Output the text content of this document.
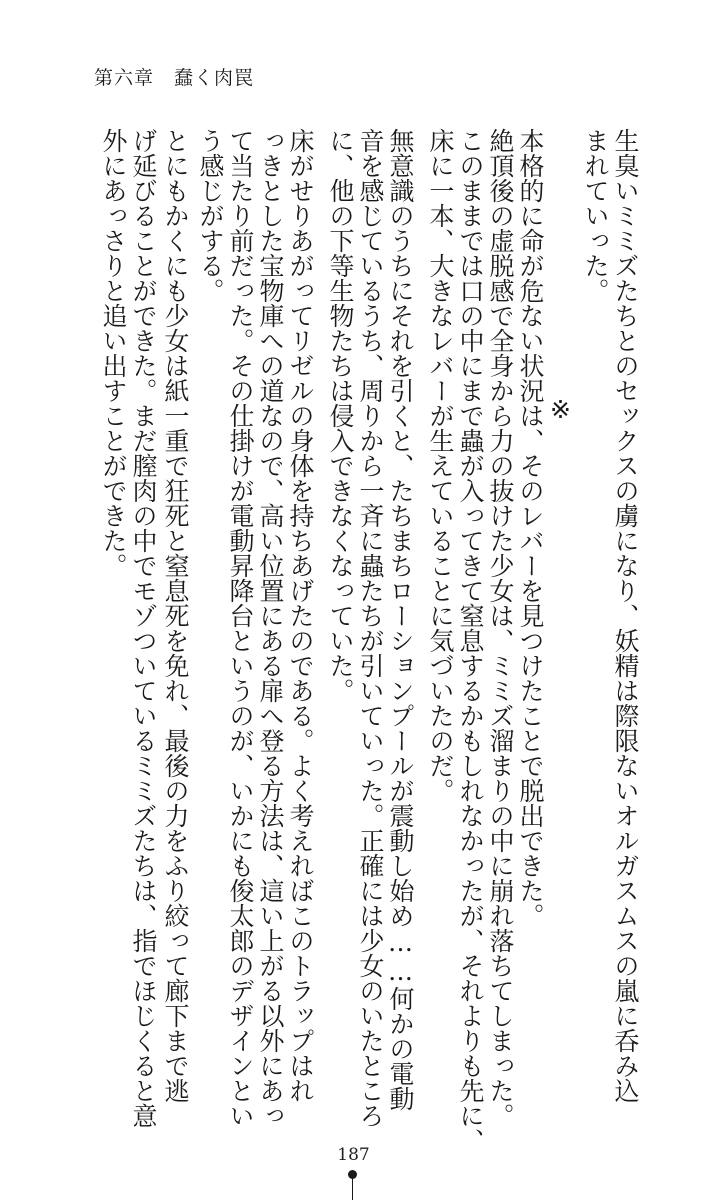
第六章　蠢く肉罠
生臭いミミズたちとのセックスの虜になり、妖精は際限ないオルガスムスの嵐に呑み込
まれていった。
※
本格的に命が危ない状況は、そのレバーを見つけたことで脱出できた。
絶頂後の虚脱感で全身から力の抜けた少女は、ミミズ溜まりの中に崩れ落ちてしまった。
このままでは口の中にまで蟲が入ってきて窒息するかもしれなかったが、それよりも先に、
床に一本、大きなレバーが生えていることに気づいたのだ。
無意識のうちにそれを引くと、たちまちローションプールが震動し始め……何かの電動
音を感じているうち、周りから一斉に蟲たちが引いていった。正確には少女のいたところ
に、他の下等生物たちは侵入できなくなっていた。
床がせりあがってリゼルの身体を持ちあげたのである。よく考えればこのトラップはれ
っきとした宝物庫への道なので、高い位置にある扉へ登る方法は、這い上がる以外にあっ
て当たり前だった。その仕掛けが電動昇降台というのが、いかにも俊太郎のデザインとい
う感じがする。
とにもかくにも少女は紙一重で狂死と窒息死を免れ、最後の力をふり絞って廊下まで逃
げ延びることができた。まだ膣肉の中でモゾついているミミズたちは、指でほじくると意
外にあっさりと追い出すことができた。
187
